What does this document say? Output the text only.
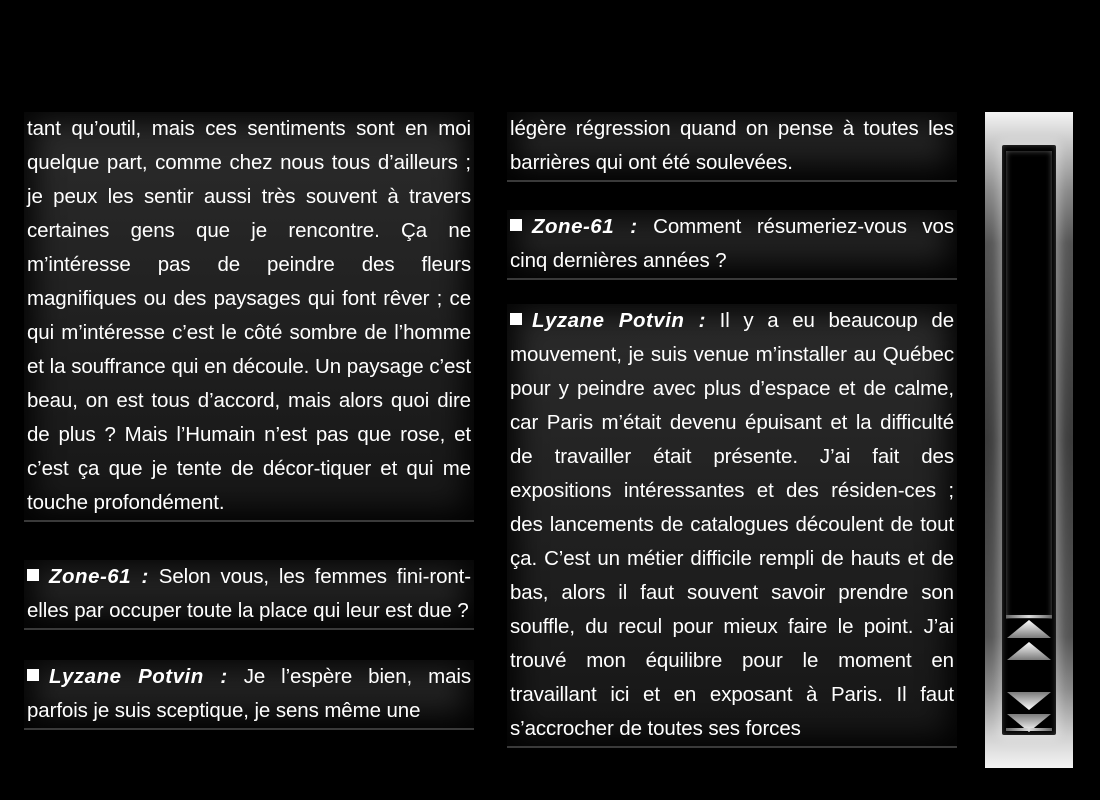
tant qu’outil, mais ces sentiments sont en moi quelque part, comme chez nous tous d’ailleurs ; je peux les sentir aussi très souvent à travers certaines gens que je rencontre. Ça ne m’intéresse pas de peindre des fleurs magnifiques ou des paysages qui font rêver ; ce qui m’intéresse c’est le côté sombre de l’homme et la souffrance qui en découle. Un paysage c’est beau, on est tous d’accord, mais alors quoi dire de plus ? Mais l’Humain n’est pas que rose, et c’est ça que je tente de décor-tiquer et qui me touche profondément.
Zone-61 : Selon vous, les femmes fini-ront-elles par occuper toute la place qui leur est due ?
Lyzane Potvin : Je l’espère bien, mais parfois je suis sceptique, je sens même une
légère régression quand on pense à toutes les barrières qui ont été soulevées.
Zone-61 : Comment résumeriez-vous vos cinq dernières années ?
Lyzane Potvin : Il y a eu beaucoup de mouvement, je suis venue m’installer au Québec pour y peindre avec plus d’espace et de calme, car Paris m’était devenu épuisant et la difficulté de travailler était présente. J’ai fait des expositions intéressantes et des résiden-ces ; des lancements de catalogues découlent de tout ça. C’est un métier difficile rempli de hauts et de bas, alors il faut souvent savoir prendre son souffle, du recul pour mieux faire le point. J’ai trouvé mon équilibre pour le moment en travaillant ici et en exposant à Paris. Il faut s’accrocher de toutes ses forces
